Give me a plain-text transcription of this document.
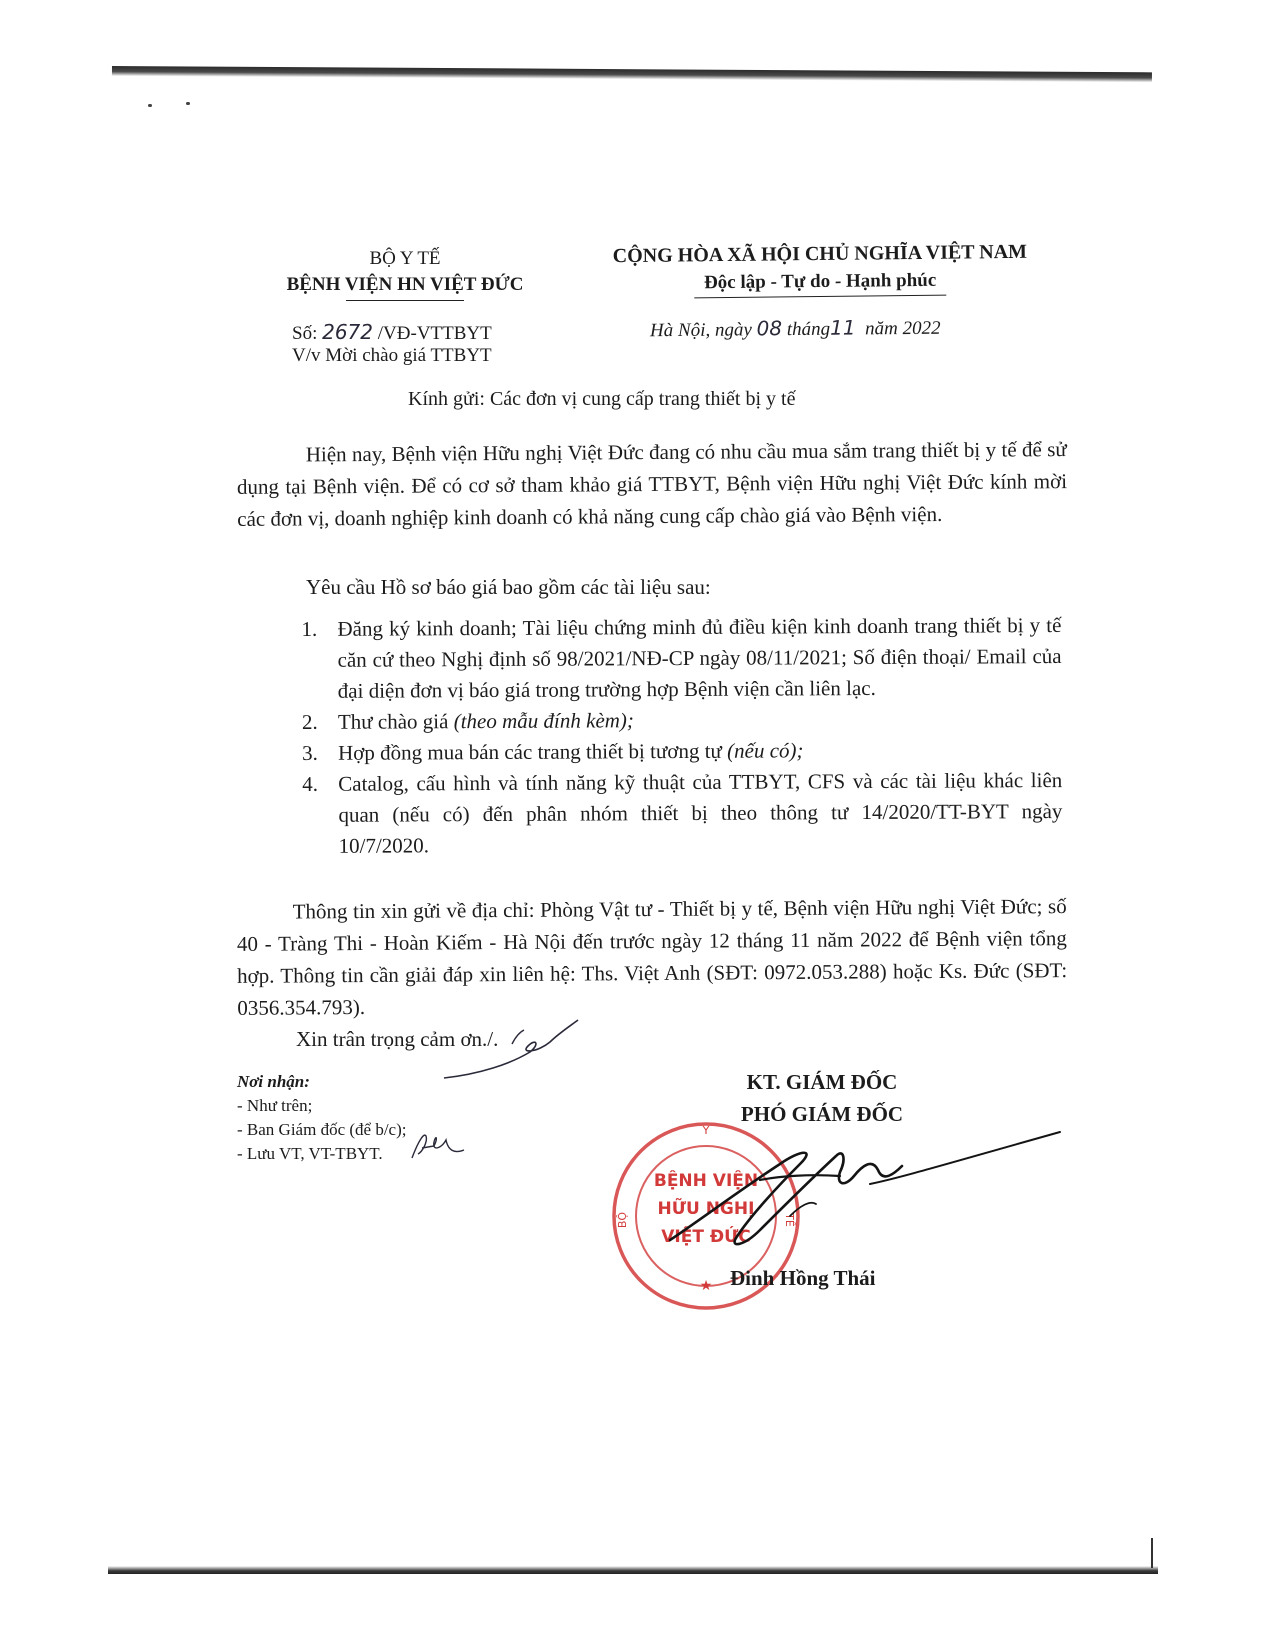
BỘ Y TẾ
BỆNH VIỆN HN VIỆT ĐỨC
CỘNG HÒA XÃ HỘI CHỦ NGHĨA VIỆT NAM
Độc lập - Tự do - Hạnh phúc
Số: 2672 /VĐ-VTTBYT
V/v Mời chào giá TTBYT
Hà Nội, ngày 08 tháng11 năm 2022
Kính gửi: Các đơn vị cung cấp trang thiết bị y tế
Hiện nay, Bệnh viện Hữu nghị Việt Đức đang có nhu cầu mua sắm trang thiết bị y tế để sử dụng tại Bệnh viện. Để có cơ sở tham khảo giá TTBYT, Bệnh viện Hữu nghị Việt Đức kính mời các đơn vị, doanh nghiệp kinh doanh có khả năng cung cấp chào giá vào Bệnh viện.
Yêu cầu Hồ sơ báo giá bao gồm các tài liệu sau:
1. Đăng ký kinh doanh; Tài liệu chứng minh đủ điều kiện kinh doanh trang thiết bị y tế căn cứ theo Nghị định số 98/2021/NĐ-CP ngày 08/11/2021; Số điện thoại/ Email của đại diện đơn vị báo giá trong trường hợp Bệnh viện cần liên lạc.
2. Thư chào giá (theo mẫu đính kèm);
3. Hợp đồng mua bán các trang thiết bị tương tự (nếu có);
4. Catalog, cấu hình và tính năng kỹ thuật của TTBYT, CFS và các tài liệu khác liên quan (nếu có) đến phân nhóm thiết bị theo thông tư 14/2020/TT-BYT ngày 10/7/2020.
Thông tin xin gửi về địa chỉ: Phòng Vật tư - Thiết bị y tế, Bệnh viện Hữu nghị Việt Đức; số 40 - Tràng Thi - Hoàn Kiếm - Hà Nội đến trước ngày 12 tháng 11 năm 2022 để Bệnh viện tổng hợp. Thông tin cần giải đáp xin liên hệ: Ths. Việt Anh (SĐT: 0972.053.288) hoặc Ks. Đức (SĐT: 0356.354.793).
Xin trân trọng cảm ơn./.
Nơi nhận:
- Như trên;
- Ban Giám đốc (để b/c);
- Lưu VT, VT-TBYT.
KT. GIÁM ĐỐC
PHÓ GIÁM ĐỐC
Y
BỘ	TẾ
BỆNH VIỆN
HỮU NGHỊ
VIỆT ĐỨC
★ Đinh Hồng Thái
